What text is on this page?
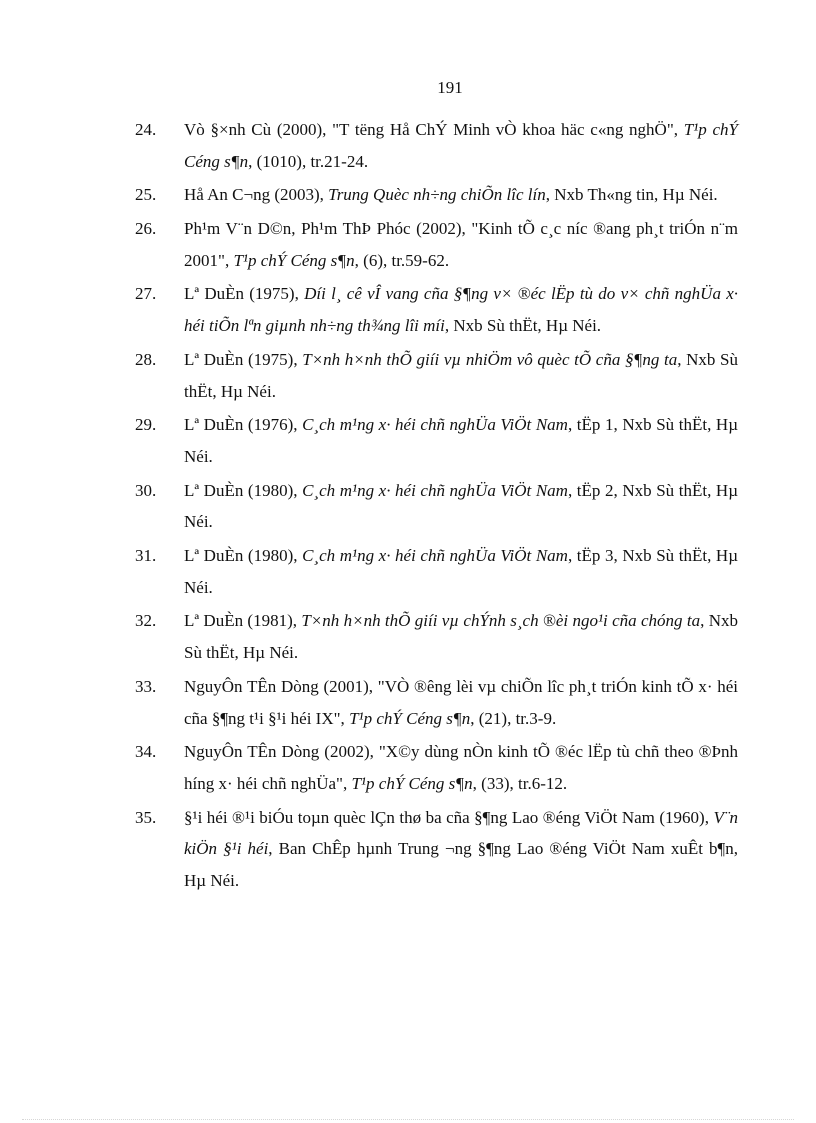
191
24.	Vò §×nh Cù (2000), "T tëng Hå ChÝ Minh vÒ khoa häc c«ng nghÖ", T¹p chÝ Céng s¶n, (1010), tr.21-24.
25.	Hå An C¬ng (2003), Trung Quèc nh÷ng chiÕn lîc lín, Nxb Th«ng tin, Hµ Néi.
26.	Ph¹m V¨n D©n, Ph¹m ThÞ Phóc (2002), "Kinh tÕ c¸c níc ®ang ph¸t triÓn n¨m 2001", T¹p chÝ Céng s¶n, (6), tr.59-62.
27.	Lª DuÈn (1975), Díi l¸ cê vÎ vang cña §¶ng v× ®éc lËp tù do v× chñ nghÜa x· héi tiÕn lªn giµnh nh÷ng th¾ng lîi míi, Nxb Sù thËt, Hµ Néi.
28.	Lª DuÈn (1975), T×nh h×nh thÕ giíi vµ nhiÖm vô quèc tÕ cña §¶ng ta, Nxb Sù thËt, Hµ Néi.
29.	Lª DuÈn (1976), C¸ch m¹ng x· héi chñ nghÜa ViÖt Nam, tËp 1, Nxb Sù thËt, Hµ Néi.
30.	Lª DuÈn (1980), C¸ch m¹ng x· héi chñ nghÜa ViÖt Nam, tËp 2, Nxb Sù thËt, Hµ Néi.
31.	Lª DuÈn (1980), C¸ch m¹ng x· héi chñ nghÜa ViÖt Nam, tËp 3, Nxb Sù thËt, Hµ Néi.
32.	Lª DuÈn (1981), T×nh h×nh thÕ giíi vµ chÝnh s¸ch ®èi ngo¹i cña chóng ta, Nxb Sù thËt, Hµ Néi.
33.	NguyÔn TÊn Dòng (2001), "VÒ ®êng lèi vµ chiÕn lîc ph¸t triÓn kinh tÕ x· héi cña §¶ng t¹i §¹i héi IX", T¹p chÝ Céng s¶n, (21), tr.3-9.
34.	NguyÔn TÊn Dòng (2002), "X©y dùng nÒn kinh tÕ ®éc lËp tù chñ theo ®Þnh híng x· héi chñ nghÜa", T¹p chÝ Céng s¶n, (33), tr.6-12.
35.	§¹i héi ®¹i biÓu toµn quèc lÇn thø ba cña §¶ng Lao ®éng ViÖt Nam (1960), V¨n kiÖn §¹i héi, Ban ChÊp hµnh Trung ¬ng §¶ng Lao ®éng ViÖt Nam xuÊt b¶n, Hµ Néi.
